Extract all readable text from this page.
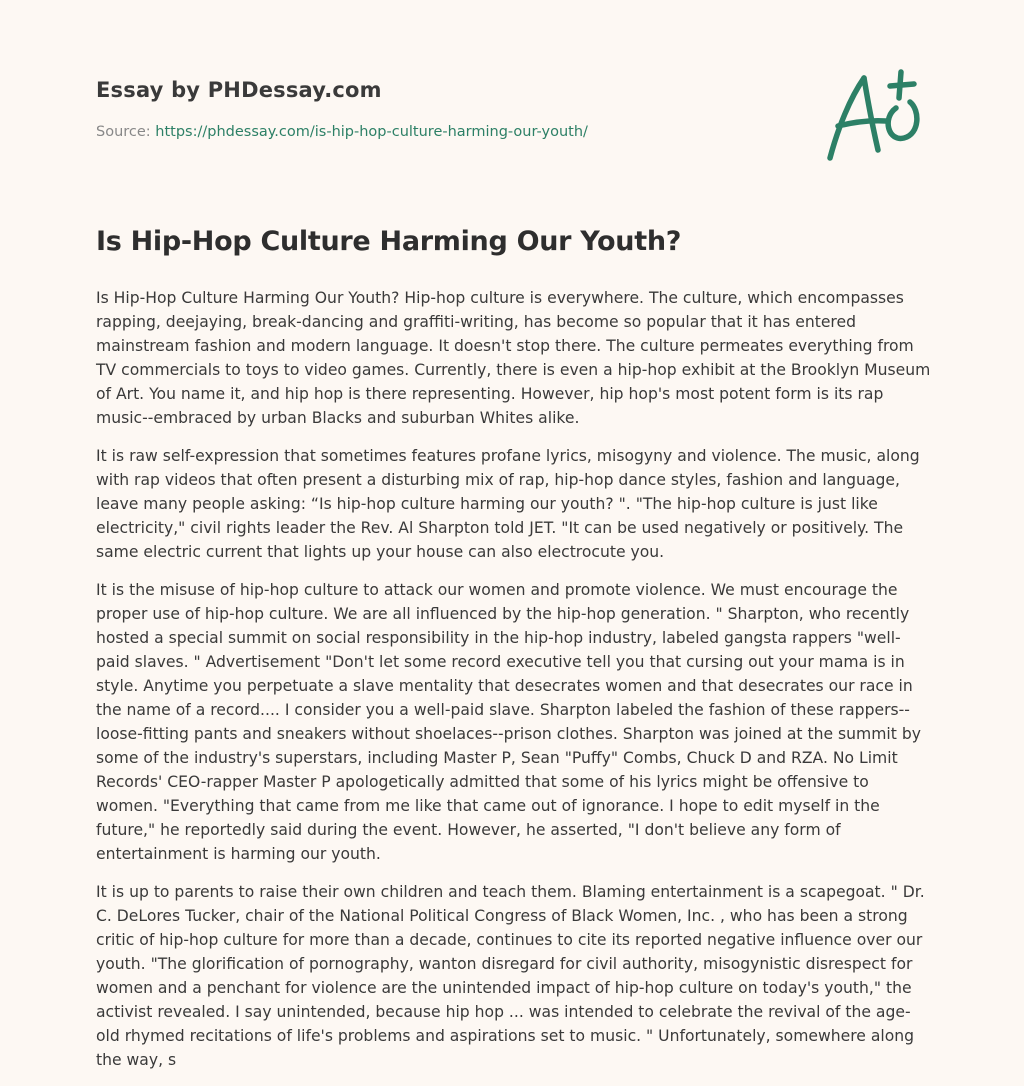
Essay by PHDessay.com
Source: https://phdessay.com/is-hip-hop-culture-harming-our-youth/
Is Hip-Hop Culture Harming Our Youth?

Is Hip-Hop Culture Harming Our Youth? Hip-hop culture is everywhere. The culture, which encompasses rapping, deejaying, break-dancing and graffiti-writing, has become so popular that it has entered mainstream fashion and modern language. It doesn't stop there. The culture permeates everything from TV commercials to toys to video games. Currently, there is even a hip-hop exhibit at the Brooklyn Museum of Art. You name it, and hip hop is there representing. However, hip hop's most potent form is its rap music--embraced by urban Blacks and suburban Whites alike.

It is raw self-expression that sometimes features profane lyrics, misogyny and violence. The music, along with rap videos that often present a disturbing mix of rap, hip-hop dance styles, fashion and language, leave many people asking: “Is hip-hop culture harming our youth? ". "The hip-hop culture is just like electricity," civil rights leader the Rev. Al Sharpton told JET. "It can be used negatively or positively. The same electric current that lights up your house can also electrocute you.

It is the misuse of hip-hop culture to attack our women and promote violence. We must encourage the proper use of hip-hop culture. We are all influenced by the hip-hop generation. " Sharpton, who recently hosted a special summit on social responsibility in the hip-hop industry, labeled gangsta rappers "well-paid slaves. " Advertisement "Don't let some record executive tell you that cursing out your mama is in style. Anytime you perpetuate a slave mentality that desecrates women and that desecrates our race in the name of a record.... I consider you a well-paid slave. Sharpton labeled the fashion of these rappers--loose-fitting pants and sneakers without shoelaces--prison clothes. Sharpton was joined at the summit by some of the industry's superstars, including Master P, Sean "Puffy" Combs, Chuck D and RZA. No Limit Records' CEO-rapper Master P apologetically admitted that some of his lyrics might be offensive to women. "Everything that came from me like that came out of ignorance. I hope to edit myself in the future," he reportedly said during the event. However, he asserted, "I don't believe any form of entertainment is harming our youth.

It is up to parents to raise their own children and teach them. Blaming entertainment is a scapegoat. " Dr. C. DeLores Tucker, chair of the National Political Congress of Black Women, Inc. , who has been a strong critic of hip-hop culture for more than a decade, continues to cite its reported negative influence over our youth. "The glorification of pornography, wanton disregard for civil authority, misogynistic disrespect for women and a penchant for violence are the unintended impact of hip-hop culture on today's youth," the activist revealed. I say unintended, because hip hop ... was intended to celebrate the revival of the age-old rhymed recitations of life's problems and aspirations set to music. " Unfortunately, somewhere along the way, s
